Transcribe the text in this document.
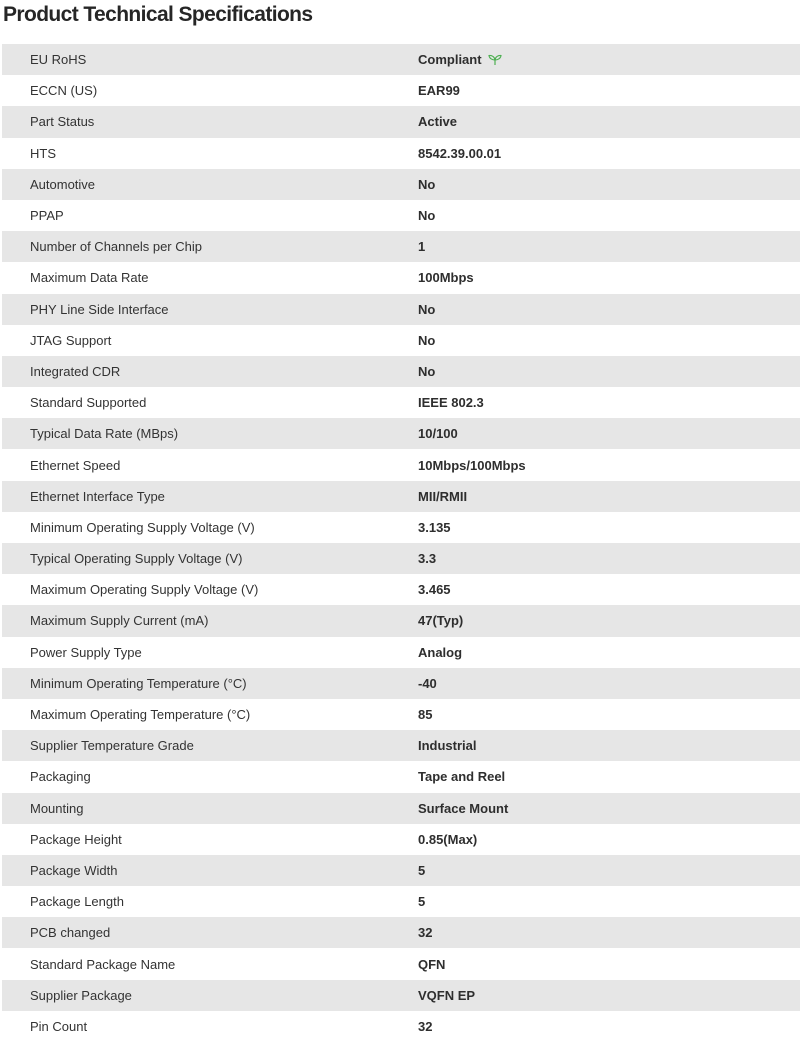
Product Technical Specifications
EU RoHS	Compliant
ECCN (US)	EAR99
Part Status	Active
HTS	8542.39.00.01
Automotive	No
PPAP	No
Number of Channels per Chip	1
Maximum Data Rate	100Mbps
PHY Line Side Interface	No
JTAG Support	No
Integrated CDR	No
Standard Supported	IEEE 802.3
Typical Data Rate (MBps)	10/100
Ethernet Speed	10Mbps/100Mbps
Ethernet Interface Type	MII/RMII
Minimum Operating Supply Voltage (V)	3.135
Typical Operating Supply Voltage (V)	3.3
Maximum Operating Supply Voltage (V)	3.465
Maximum Supply Current (mA)	47(Typ)
Power Supply Type	Analog
Minimum Operating Temperature (°C)	-40
Maximum Operating Temperature (°C)	85
Supplier Temperature Grade	Industrial
Packaging	Tape and Reel
Mounting	Surface Mount
Package Height	0.85(Max)
Package Width	5
Package Length	5
PCB changed	32
Standard Package Name	QFN
Supplier Package	VQFN EP
Pin Count	32
